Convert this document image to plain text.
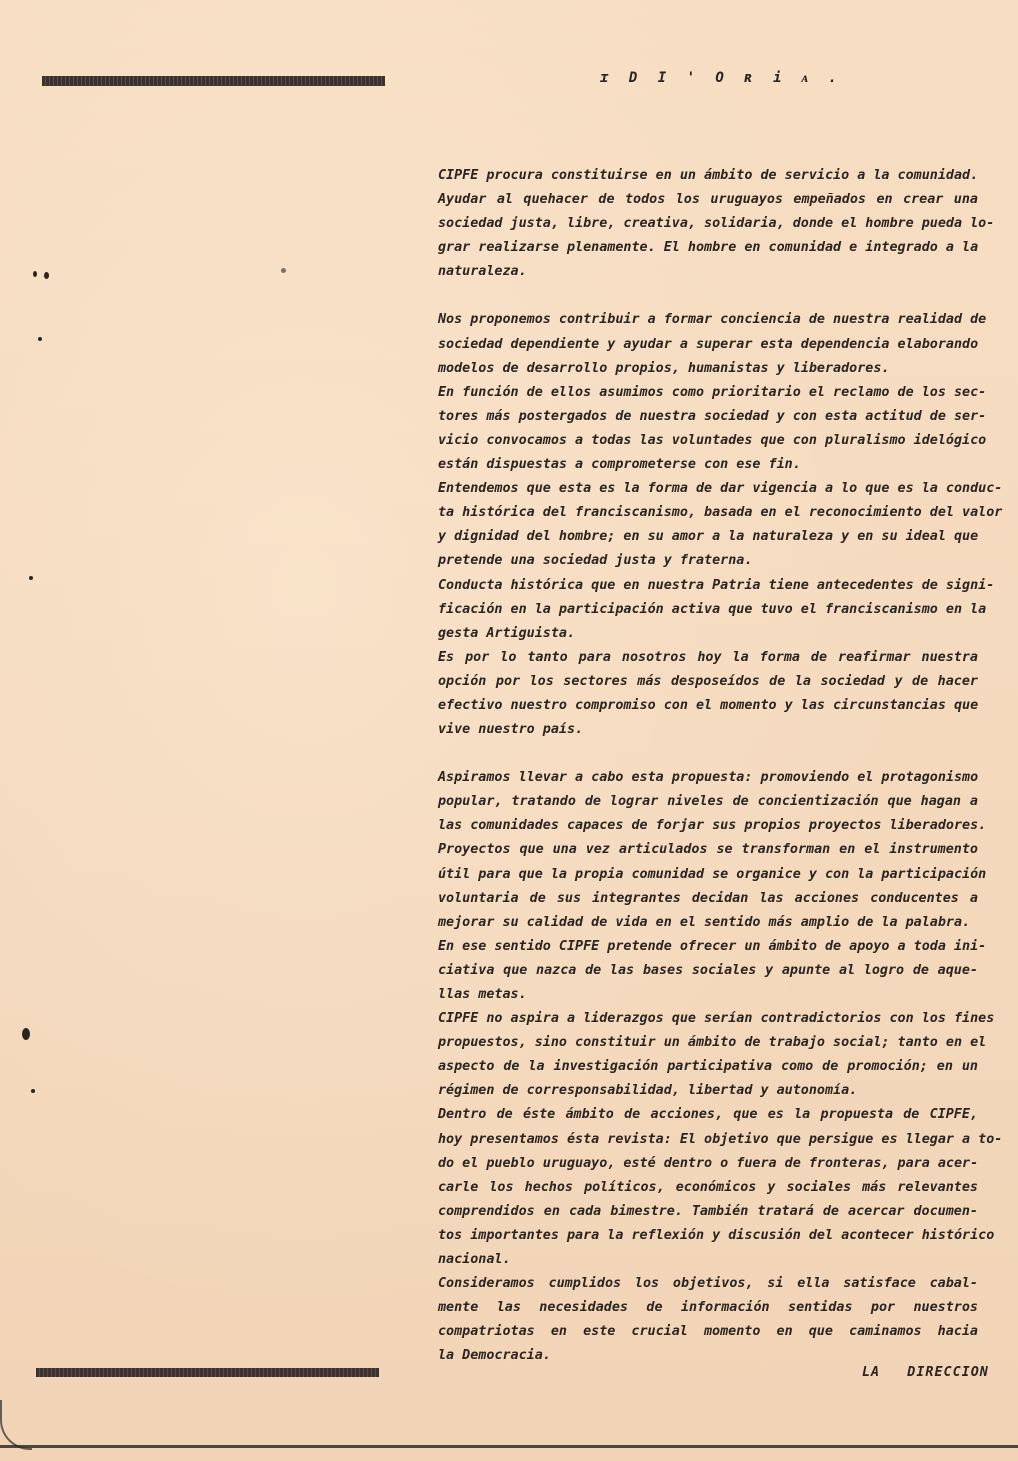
ɪ D I ' O ʀ i ᴀ .
CIPFE procura constituirse en un ámbito de servicio a la comunidad.
Ayudar al quehacer de todos los uruguayos empeñados en crear una
sociedad justa, libre, creativa, solidaria, donde el hombre pueda lo-
grar realizarse plenamente. El hombre en comunidad e integrado a la
naturaleza.
Nos proponemos contribuir a formar conciencia de nuestra realidad de
sociedad dependiente y ayudar a superar esta dependencia elaborando
modelos de desarrollo propios, humanistas y liberadores.
En función de ellos asumimos como prioritario el reclamo de los sec-
tores más postergados de nuestra sociedad y con esta actitud de ser-
vicio convocamos a todas las voluntades que con pluralismo idelógico
están dispuestas a comprometerse con ese fin.
Entendemos que esta es la forma de dar vigencia a lo que es la conduc-
ta histórica del franciscanismo, basada en el reconocimiento del valor
y dignidad del hombre; en su amor a la naturaleza y en su ideal que
pretende una sociedad justa y fraterna.
Conducta histórica que en nuestra Patria tiene antecedentes de signi-
ficación en la participación activa que tuvo el franciscanismo en la
gesta Artiguista.
Es por lo tanto para nosotros hoy la forma de reafirmar nuestra
opción por los sectores más desposeídos de la sociedad y de hacer
efectivo nuestro compromiso con el momento y las circunstancias que
vive nuestro país.
Aspiramos llevar a cabo esta propuesta: promoviendo el protagonismo
popular, tratando de lograr niveles de concientización que hagan a
las comunidades capaces de forjar sus propios proyectos liberadores.
Proyectos que una vez articulados se transforman en el instrumento
útil para que la propia comunidad se organice y con la participación
voluntaria de sus integrantes decidan las acciones conducentes a
mejorar su calidad de vida en el sentido más amplio de la palabra.
En ese sentido CIPFE pretende ofrecer un ámbito de apoyo a toda ini-
ciativa que nazca de las bases sociales y apunte al logro de aque-
llas metas.
CIPFE no aspira a liderazgos que serían contradictorios con los fines
propuestos, sino constituir un ámbito de trabajo social; tanto en el
aspecto de la investigación participativa como de promoción; en un
régimen de corresponsabilidad, libertad y autonomía.
Dentro de éste ámbito de acciones, que es la propuesta de CIPFE,
hoy presentamos ésta revista: El objetivo que persigue es llegar a to-
do el pueblo uruguayo, esté dentro o fuera de fronteras, para acer-
carle los hechos políticos, económicos y sociales más relevantes
comprendidos en cada bimestre. También tratará de acercar documen-
tos importantes para la reflexión y discusión del acontecer histórico
nacional.
Consideramos cumplidos los objetivos, si ella satisface cabal-
mente las necesidades de información sentidas por nuestros
compatriotas en este crucial momento en que caminamos hacia
la Democracia.
LA   DIRECCION
